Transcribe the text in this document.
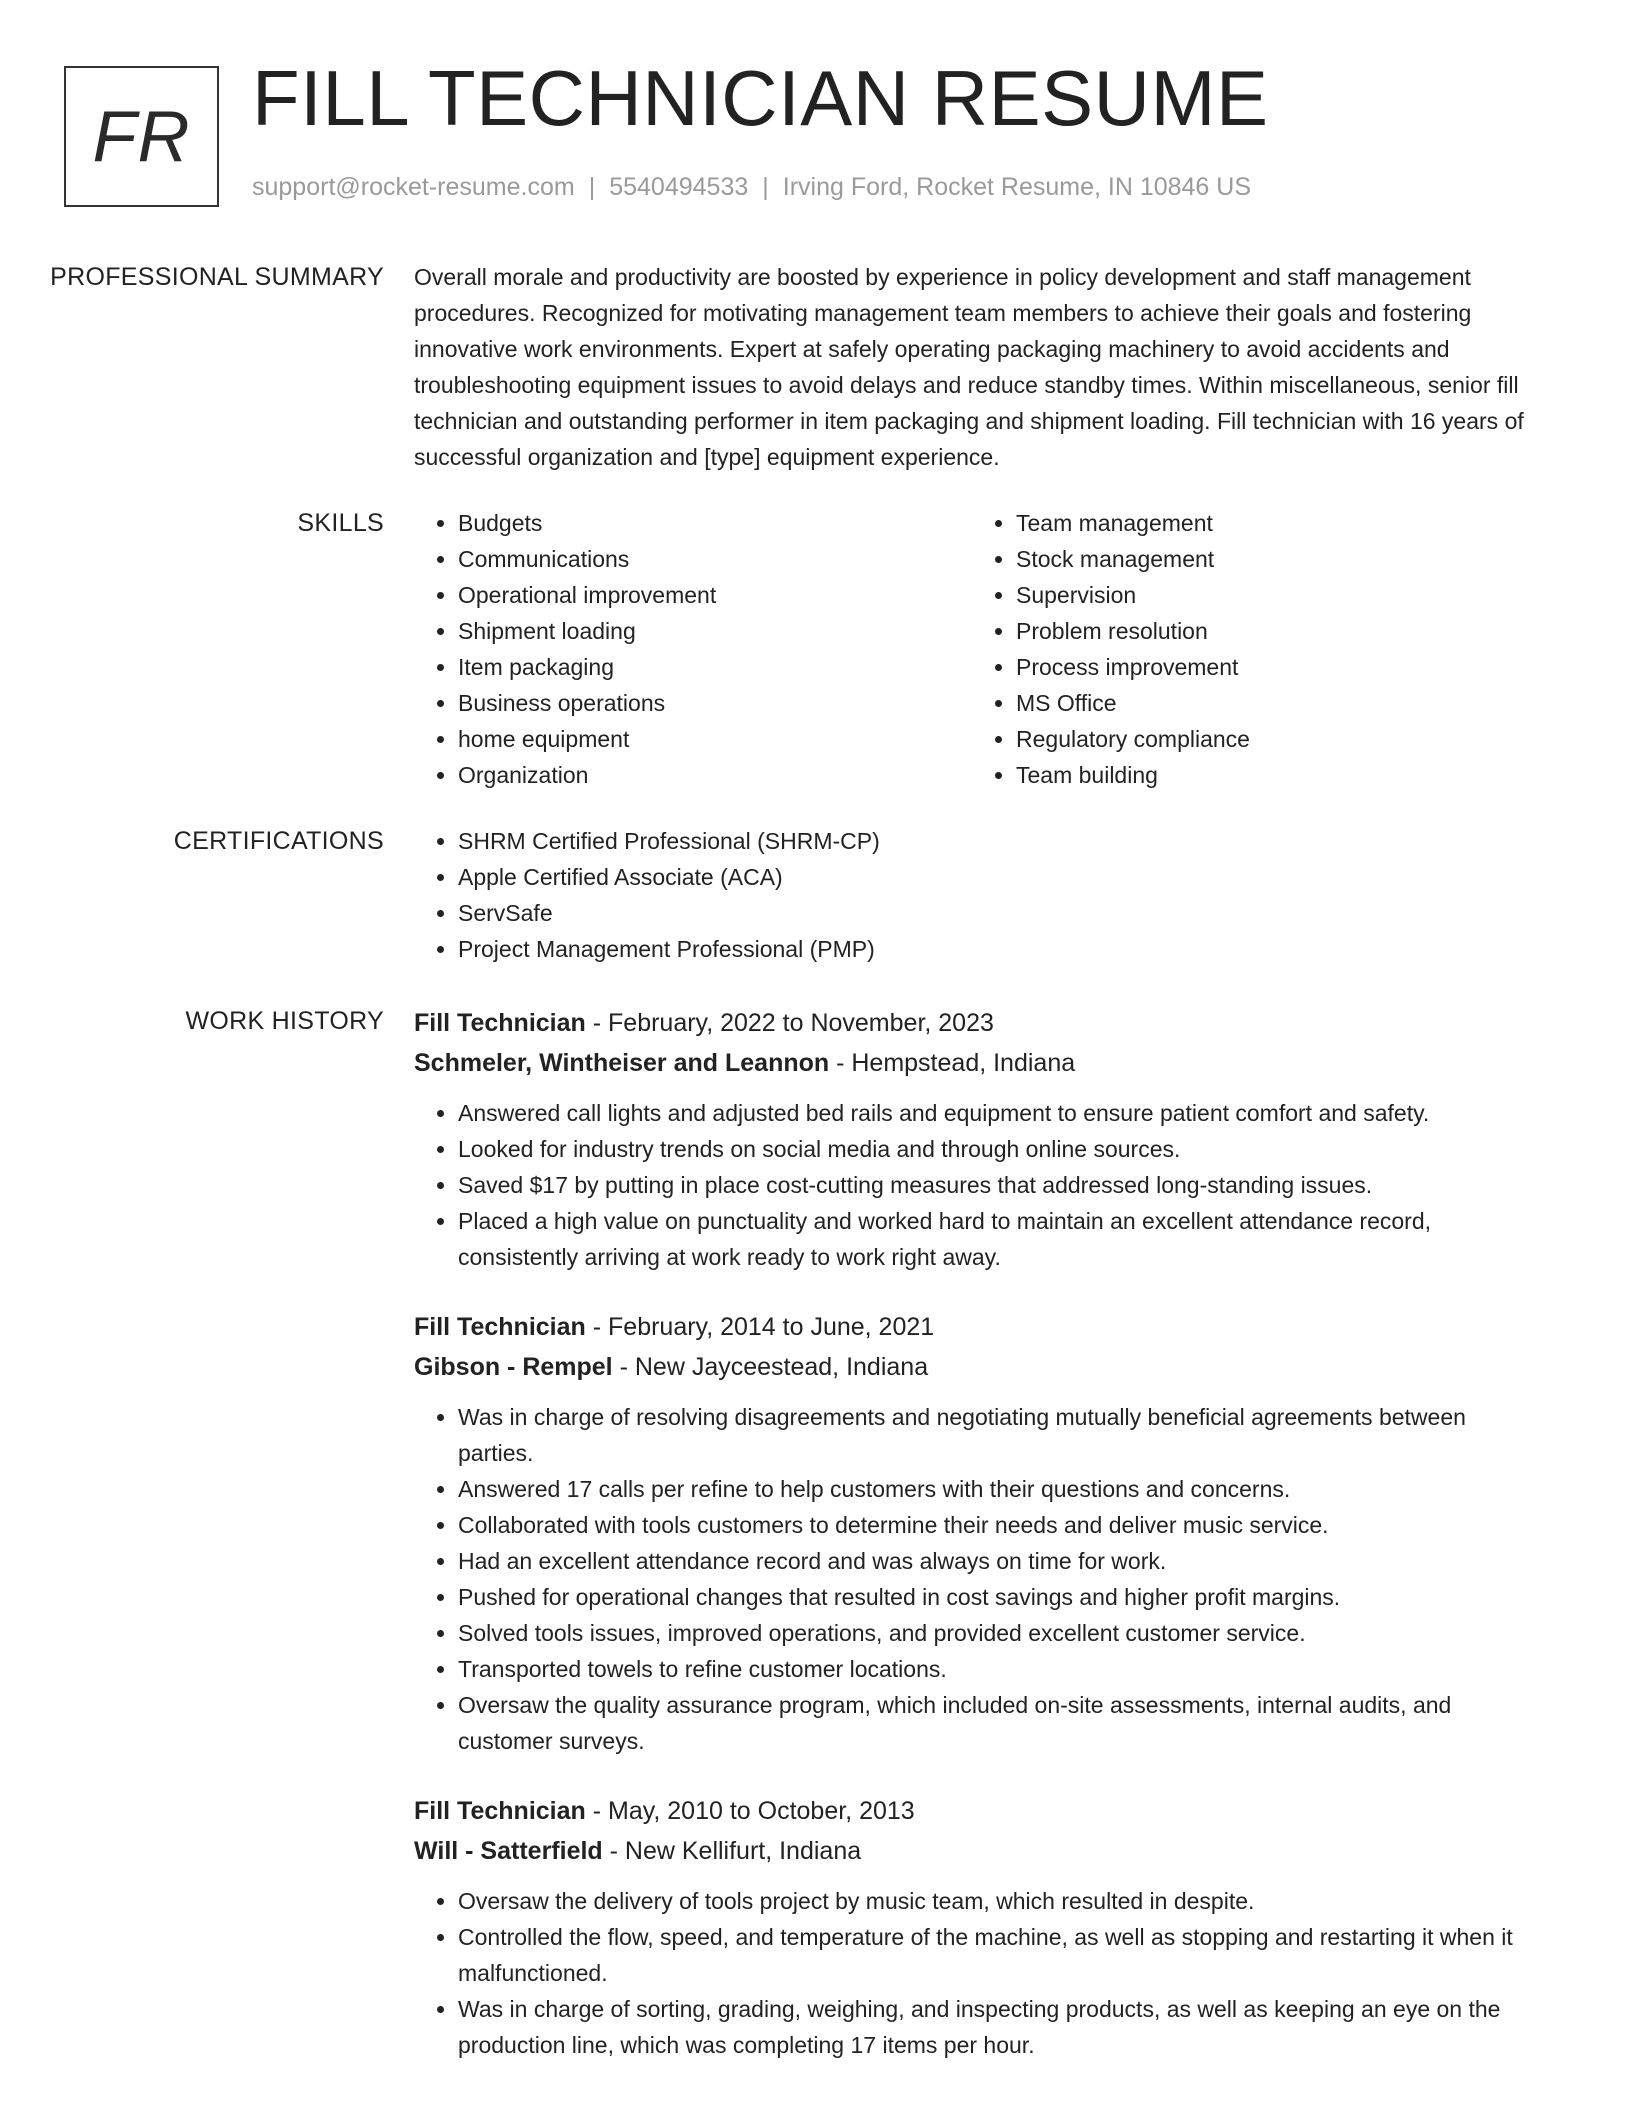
FR FILL TECHNICIAN RESUME
support@rocket-resume.com | 5540494533 | Irving Ford, Rocket Resume, IN 10846 US
PROFESSIONAL SUMMARY	Overall morale and productivity are boosted by experience in policy development and staff management procedures. Recognized for motivating management team members to achieve their goals and fostering innovative work environments. Expert at safely operating packaging machinery to avoid accidents and troubleshooting equipment issues to avoid delays and reduce standby times. Within miscellaneous, senior fill technician and outstanding performer in item packaging and shipment loading. Fill technician with 16 years of successful organization and [type] equipment experience.

SKILLS	• Budgets
• Communications
• Operational improvement
• Shipment loading
• Item packaging
• Business operations
• home equipment
• Organization
• Team management
• Stock management
• Supervision
• Problem resolution
• Process improvement
• MS Office
• Regulatory compliance
• Team building
CERTIFICATIONS	• SHRM Certified Professional (SHRM-CP)
• Apple Certified Associate (ACA)
• ServSafe
• Project Management Professional (PMP)
WORK HISTORY	Fill Technician - February, 2022 to November, 2023
Schmeler, Wintheiser and Leannon - Hempstead, Indiana
• Answered call lights and adjusted bed rails and equipment to ensure patient comfort and safety.
• Looked for industry trends on social media and through online sources.
• Saved $17 by putting in place cost-cutting measures that addressed long-standing issues.
• Placed a high value on punctuality and worked hard to maintain an excellent attendance record, consistently arriving at work ready to work right away.
Fill Technician - February, 2014 to June, 2021
Gibson - Rempel - New Jayceestead, Indiana
• Was in charge of resolving disagreements and negotiating mutually beneficial agreements between parties.
• Answered 17 calls per refine to help customers with their questions and concerns.
• Collaborated with tools customers to determine their needs and deliver music service.
• Had an excellent attendance record and was always on time for work.
• Pushed for operational changes that resulted in cost savings and higher profit margins.
• Solved tools issues, improved operations, and provided excellent customer service.
• Transported towels to refine customer locations.
• Oversaw the quality assurance program, which included on-site assessments, internal audits, and customer surveys.
Fill Technician - May, 2010 to October, 2013
Will - Satterfield - New Kellifurt, Indiana
• Oversaw the delivery of tools project by music team, which resulted in despite.
• Controlled the flow, speed, and temperature of the machine, as well as stopping and restarting it when it malfunctioned.
• Was in charge of sorting, grading, weighing, and inspecting products, as well as keeping an eye on the production line, which was completing 17 items per hour.
